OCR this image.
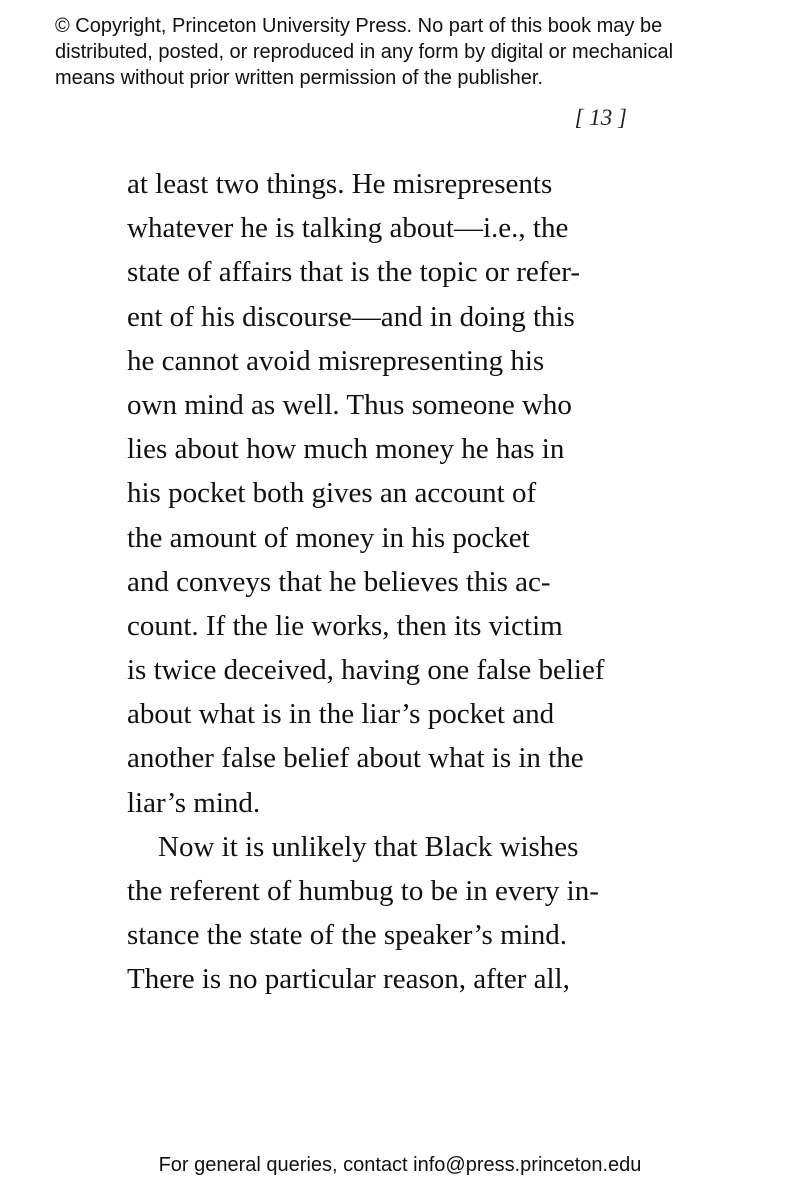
© Copyright, Princeton University Press. No part of this book may be
distributed, posted, or reproduced in any form by digital or mechanical
means without prior written permission of the publisher.
[ 13 ]
at least two things. He misrepresents
whatever he is talking about—i.e., the
state of affairs that is the topic or refer-
ent of his discourse—and in doing this
he cannot avoid misrepresenting his
own mind as well. Thus someone who
lies about how much money he has in
his pocket both gives an account of
the amount of money in his pocket
and conveys that he believes this ac-
count. If the lie works, then its victim
is twice deceived, having one false belief
about what is in the liar’s pocket and
another false belief about what is in the
liar’s mind.
Now it is unlikely that Black wishes
the referent of humbug to be in every in-
stance the state of the speaker’s mind.
There is no particular reason, after all,
For general queries, contact info@press.princeton.edu
